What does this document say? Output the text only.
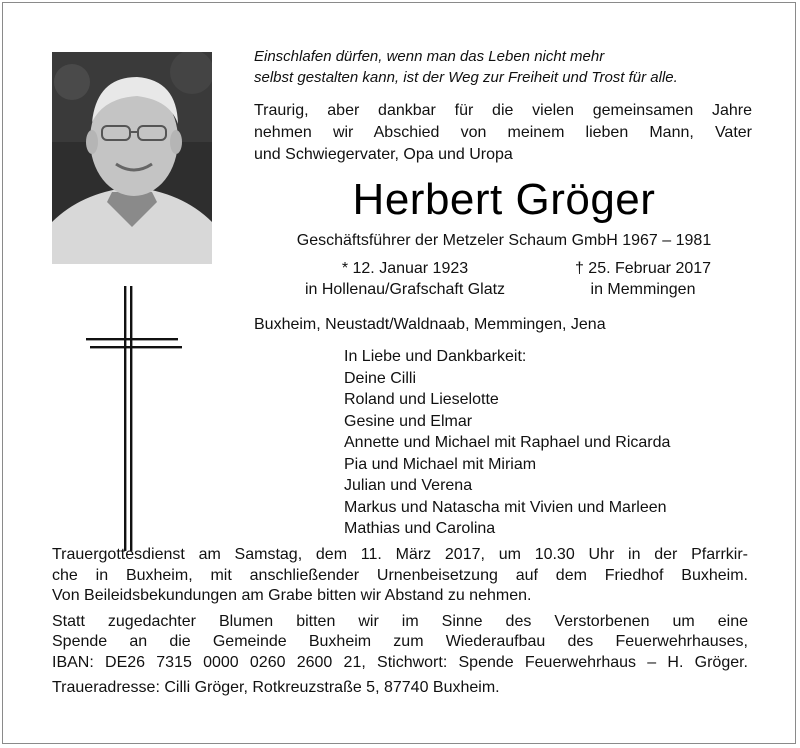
Einschlafen dürfen, wenn man das Leben nicht mehr
selbst gestalten kann, ist der Weg zur Freiheit und Trost für alle.
Traurig, aber dankbar für die vielen gemeinsamen Jahre
nehmen wir Abschied von meinem lieben Mann, Vater
und Schwiegervater, Opa und Uropa
Herbert Gröger
Geschäftsführer der Metzeler Schaum GmbH 1967 – 1981
* 12. Januar 1923
in Hollenau/Grafschaft Glatz
† 25. Februar 2017
in Memmingen
Buxheim, Neustadt/Waldnaab, Memmingen, Jena
In Liebe und Dankbarkeit:
Deine Cilli
Roland und Lieselotte
Gesine und Elmar
Annette und Michael mit Raphael und Ricarda
Pia und Michael mit Miriam
Julian und Verena
Markus und Natascha mit Vivien und Marleen
Mathias und Carolina

Trauergottesdienst am Samstag, dem 11. März 2017, um 10.30 Uhr in der Pfarrkir-
che in Buxheim, mit anschließender Urnenbeisetzung auf dem Friedhof Buxheim.
Von Beileidsbekundungen am Grabe bitten wir Abstand zu nehmen.

Statt zugedachter Blumen bitten wir im Sinne des Verstorbenen um eine
Spende an die Gemeinde Buxheim zum Wiederaufbau des Feuerwehrhauses,
IBAN: DE26 7315 0000 0260 2600 21, Stichwort: Spende Feuerwehrhaus – H. Gröger.

Traueradresse: Cilli Gröger, Rotkreuzstraße 5, 87740 Buxheim.
